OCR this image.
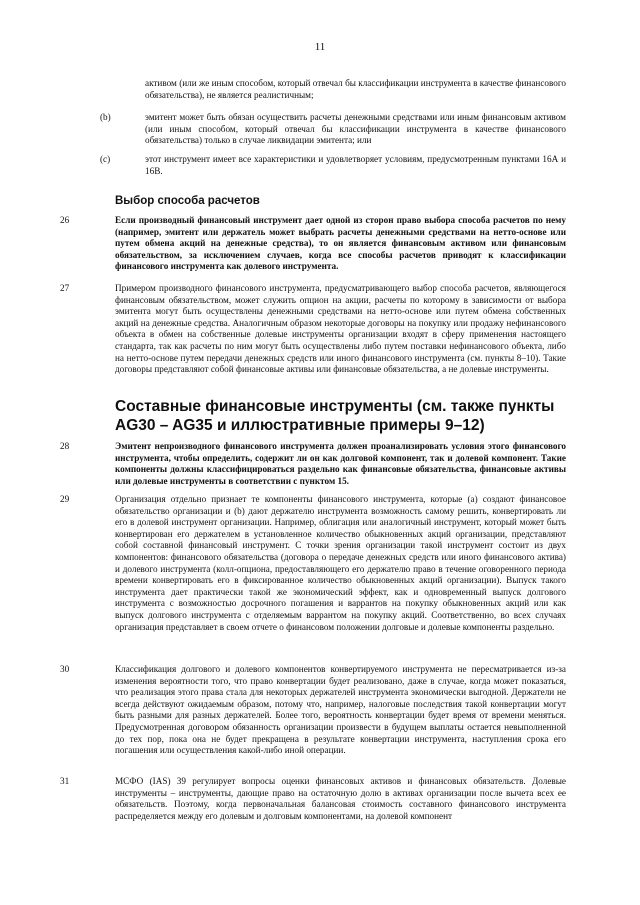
11
активом (или же иным способом, который отвечал бы классификации инструмента в качестве финансового обязательства), не является реалистичным;
(b)	эмитент может быть обязан осуществить расчеты денежными средствами или иным финансовым активом (или иным способом, который отвечал бы классификации инструмента в качестве финансового обязательства) только в случае ликвидации эмитента; или
(c)	этот инструмент имеет все характеристики и удовлетворяет условиям, предусмотренным пунктами 16А и 16В.
Выбор способа расчетов
26	Если производный финансовый инструмент дает одной из сторон право выбора способа расчетов по нему (например, эмитент или держатель может выбрать расчеты денежными средствами на нетто-основе или путем обмена акций на денежные средства), то он является финансовым активом или финансовым обязательством, за исключением случаев, когда все способы расчетов приводят к классификации финансового инструмента как долевого инструмента.
27	Примером производного финансового инструмента, предусматривающего выбор способа расчетов, являющегося финансовым обязательством, может служить опцион на акции, расчеты по которому в зависимости от выбора эмитента могут быть осуществлены денежными средствами на нетто-основе или путем обмена собственных акций на денежные средства. Аналогичным образом некоторые договоры на покупку или продажу нефинансового объекта в обмен на собственные долевые инструменты организации входят в сферу применения настоящего стандарта, так как расчеты по ним могут быть осуществлены либо путем поставки нефинансового объекта, либо на нетто-основе путем передачи денежных средств или иного финансового инструмента (см. пункты 8–10). Такие договоры представляют собой финансовые активы или финансовые обязательства, а не долевые инструменты.
Составные финансовые инструменты (см. также пункты AG30 – AG35 и иллюстративные примеры 9–12)
28	Эмитент непроизводного финансового инструмента должен проанализировать условия этого финансового инструмента, чтобы определить, содержит ли он как долговой компонент, так и долевой компонент. Такие компоненты должны классифицироваться раздельно как финансовые обязательства, финансовые активы или долевые инструменты в соответствии с пунктом 15.
29	Организация отдельно признает те компоненты финансового инструмента, которые (а) создают финансовое обязательство организации и (b) дают держателю инструмента возможность самому решить, конвертировать ли его в долевой инструмент организации. Например, облигация или аналогичный инструмент, который может быть конвертирован его держателем в установленное количество обыкновенных акций организации, представляют собой составной финансовый инструмент. С точки зрения организации такой инструмент состоит из двух компонентов: финансового обязательства (договора о передаче денежных средств или иного финансового актива) и долевого инструмента (колл-опциона, предоставляющего его держателю право в течение оговоренного периода времени конвертировать его в фиксированное количество обыкновенных акций организации). Выпуск такого инструмента дает практически такой же экономический эффект, как и одновременный выпуск долгового инструмента с возможностью досрочного погашения и варрантов на покупку обыкновенных акций или как выпуск долгового инструмента с отделяемым варрантом на покупку акций. Соответственно, во всех случаях организация представляет в своем отчете о финансовом положении долговые и долевые компоненты раздельно.
30	Классификация долгового и долевого компонентов конвертируемого инструмента не пересматривается из-за изменения вероятности того, что право конвертации будет реализовано, даже в случае, когда может показаться, что реализация этого права стала для некоторых держателей инструмента экономически выгодной. Держатели не всегда действуют ожидаемым образом, потому что, например, налоговые последствия такой конвертации могут быть разными для разных держателей. Более того, вероятность конвертации будет время от времени меняться. Предусмотренная договором обязанность организации произвести в будущем выплаты остается невыполненной до тех пор, пока она не будет прекращена в результате конвертации инструмента, наступления срока его погашения или осуществления какой-либо иной операции.
31	МСФО (IAS) 39 регулирует вопросы оценки финансовых активов и финансовых обязательств. Долевые инструменты – инструменты, дающие право на остаточную долю в активах организации после вычета всех ее обязательств. Поэтому, когда первоначальная балансовая стоимость составного финансового инструмента распределяется между его долевым и долговым компонентами, на долевой компонент
